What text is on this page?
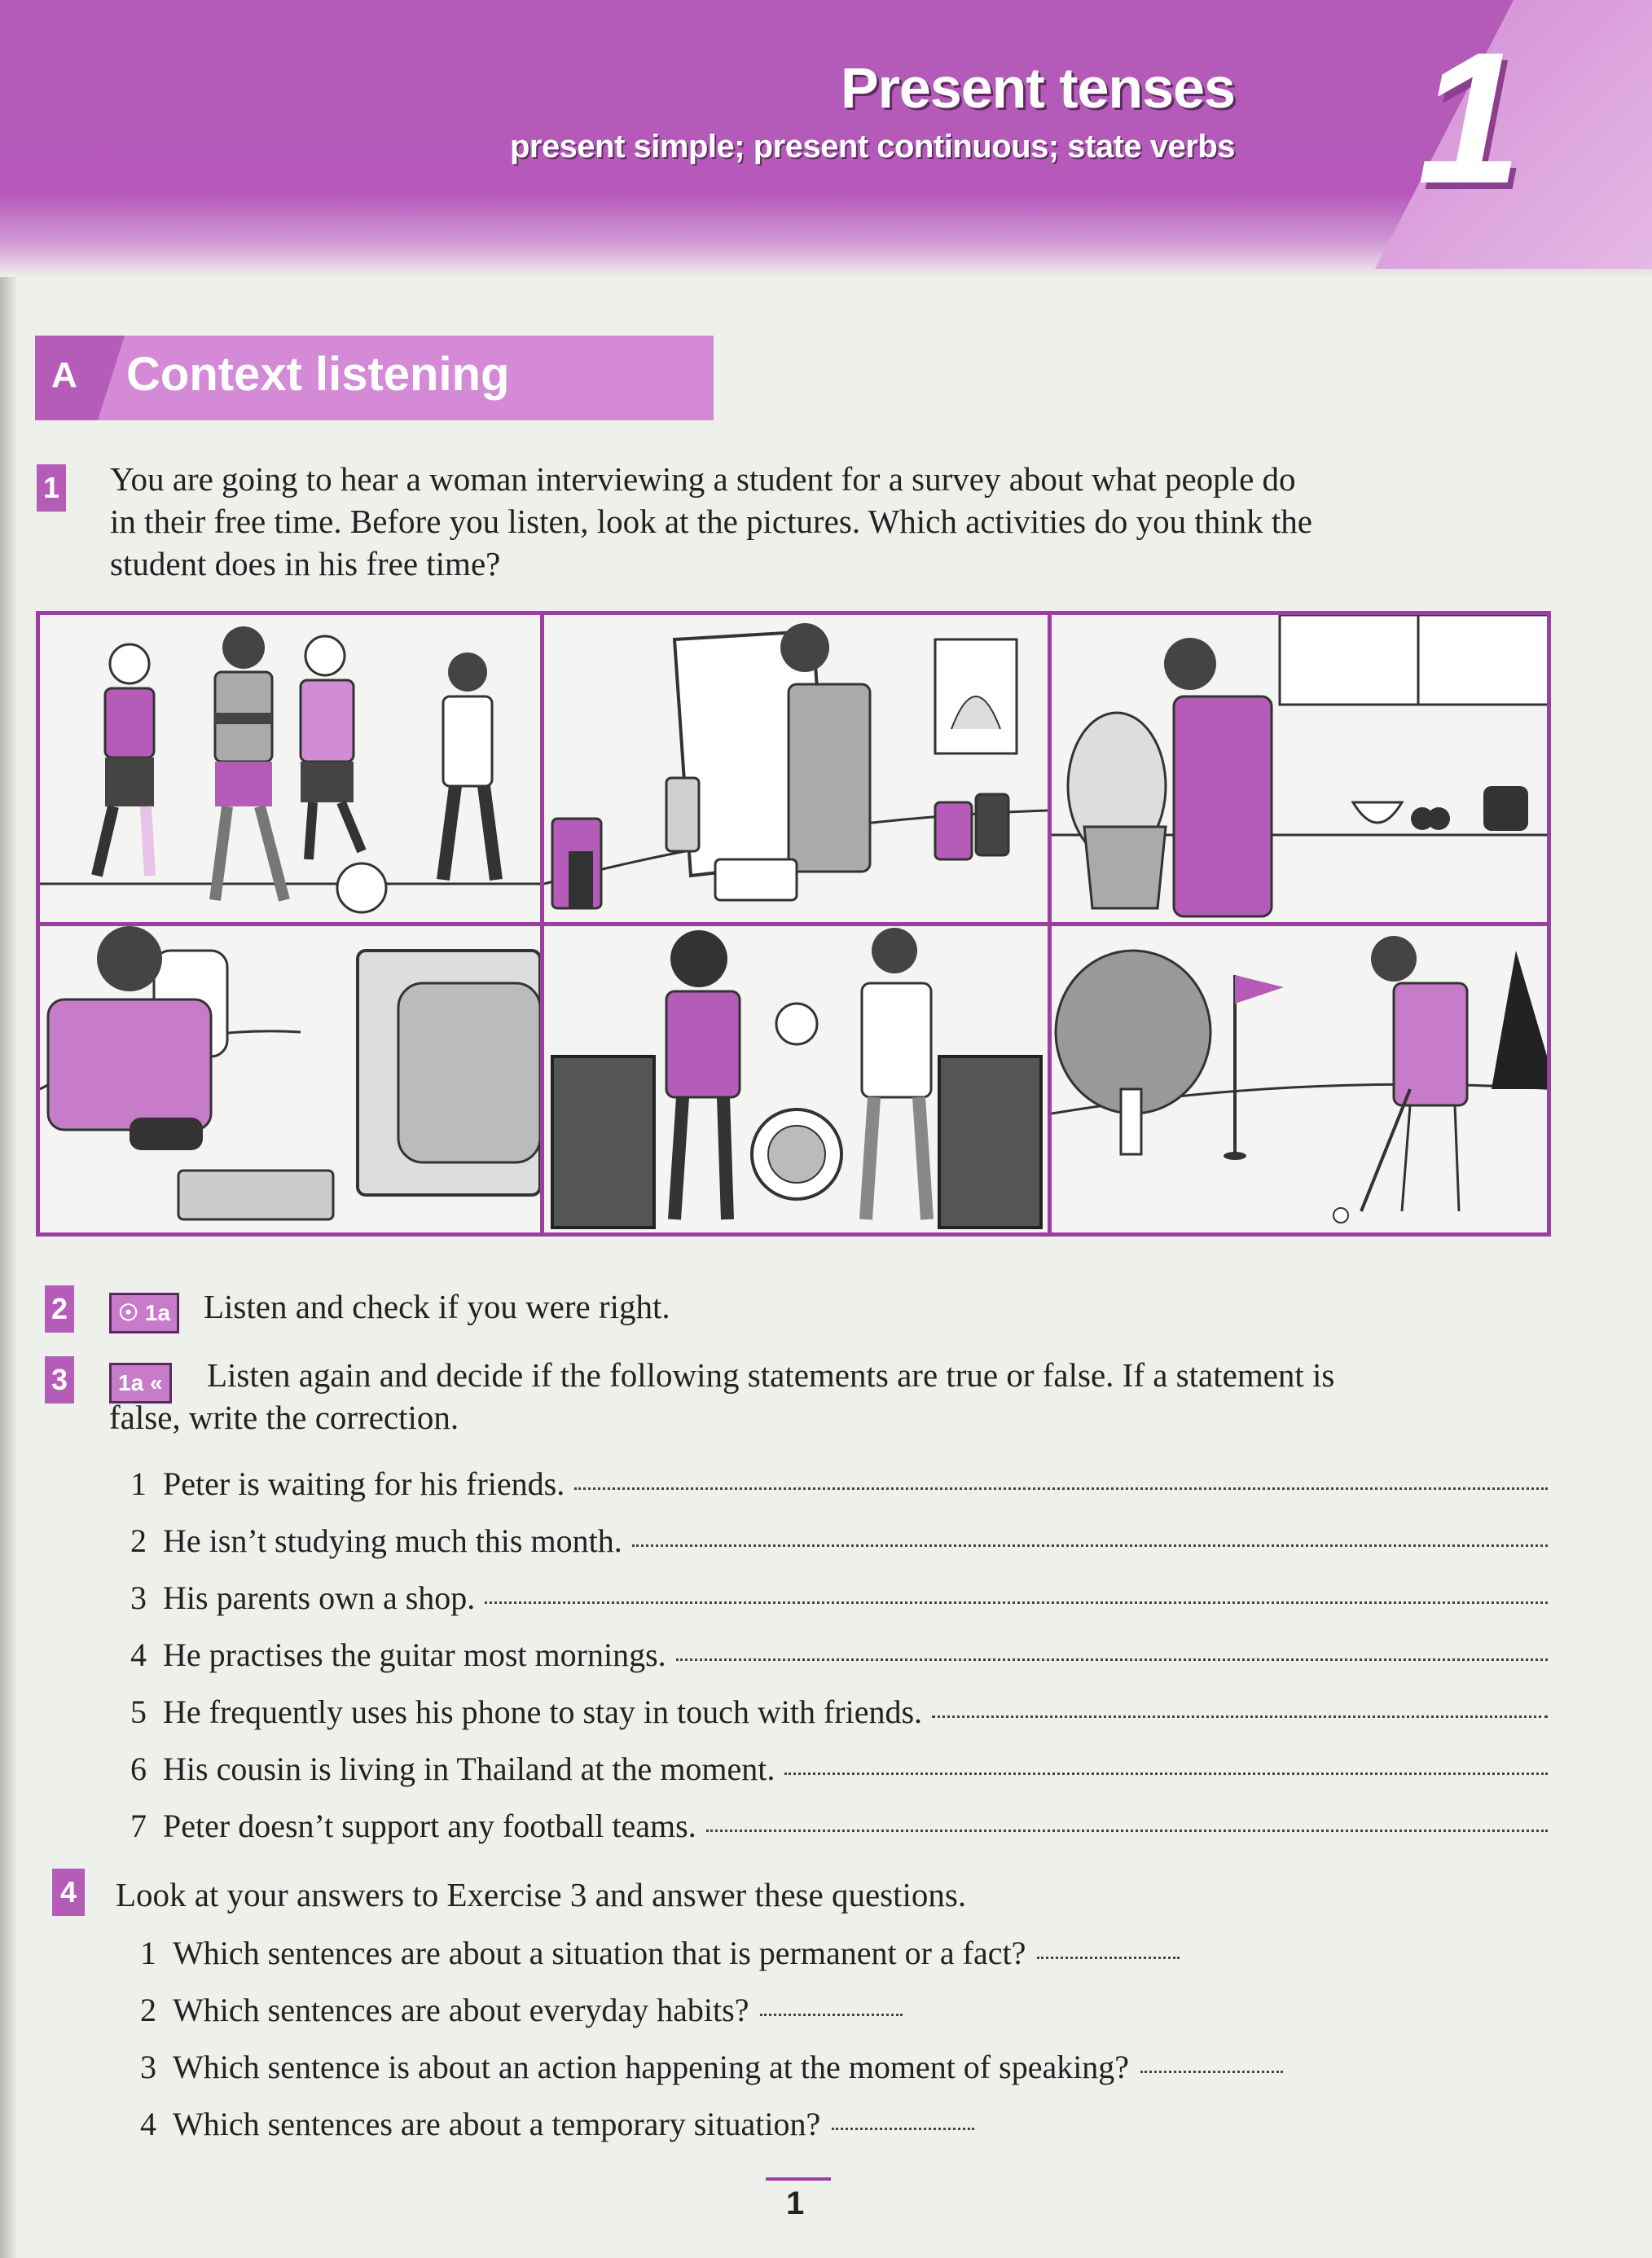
Present tenses
present simple; present continuous; state verbs 1
A Context listening
1 You are going to hear a woman interviewing a student for a survey about what people do
in their free time. Before you listen, look at the pictures. Which activities do you think the
student does in his free time?
2	☉ 1a Listen and check if you were right.
3	1a «	Listen again and decide if the following statements are true or false. If a statement is
false, write the correction.
1 Peter is waiting for his friends.
2 He isn’t studying much this month.
3 His parents own a shop.
4 He practises the guitar most mornings.
5 He frequently uses his phone to stay in touch with friends.
6 His cousin is living in Thailand at the moment.
7 Peter doesn’t support any football teams.
4 Look at your answers to Exercise 3 and answer these questions.
1 Which sentences are about a situation that is permanent or a fact?
2 Which sentences are about everyday habits?
3 Which sentence is about an action happening at the moment of speaking?
4 Which sentences are about a temporary situation?
1
